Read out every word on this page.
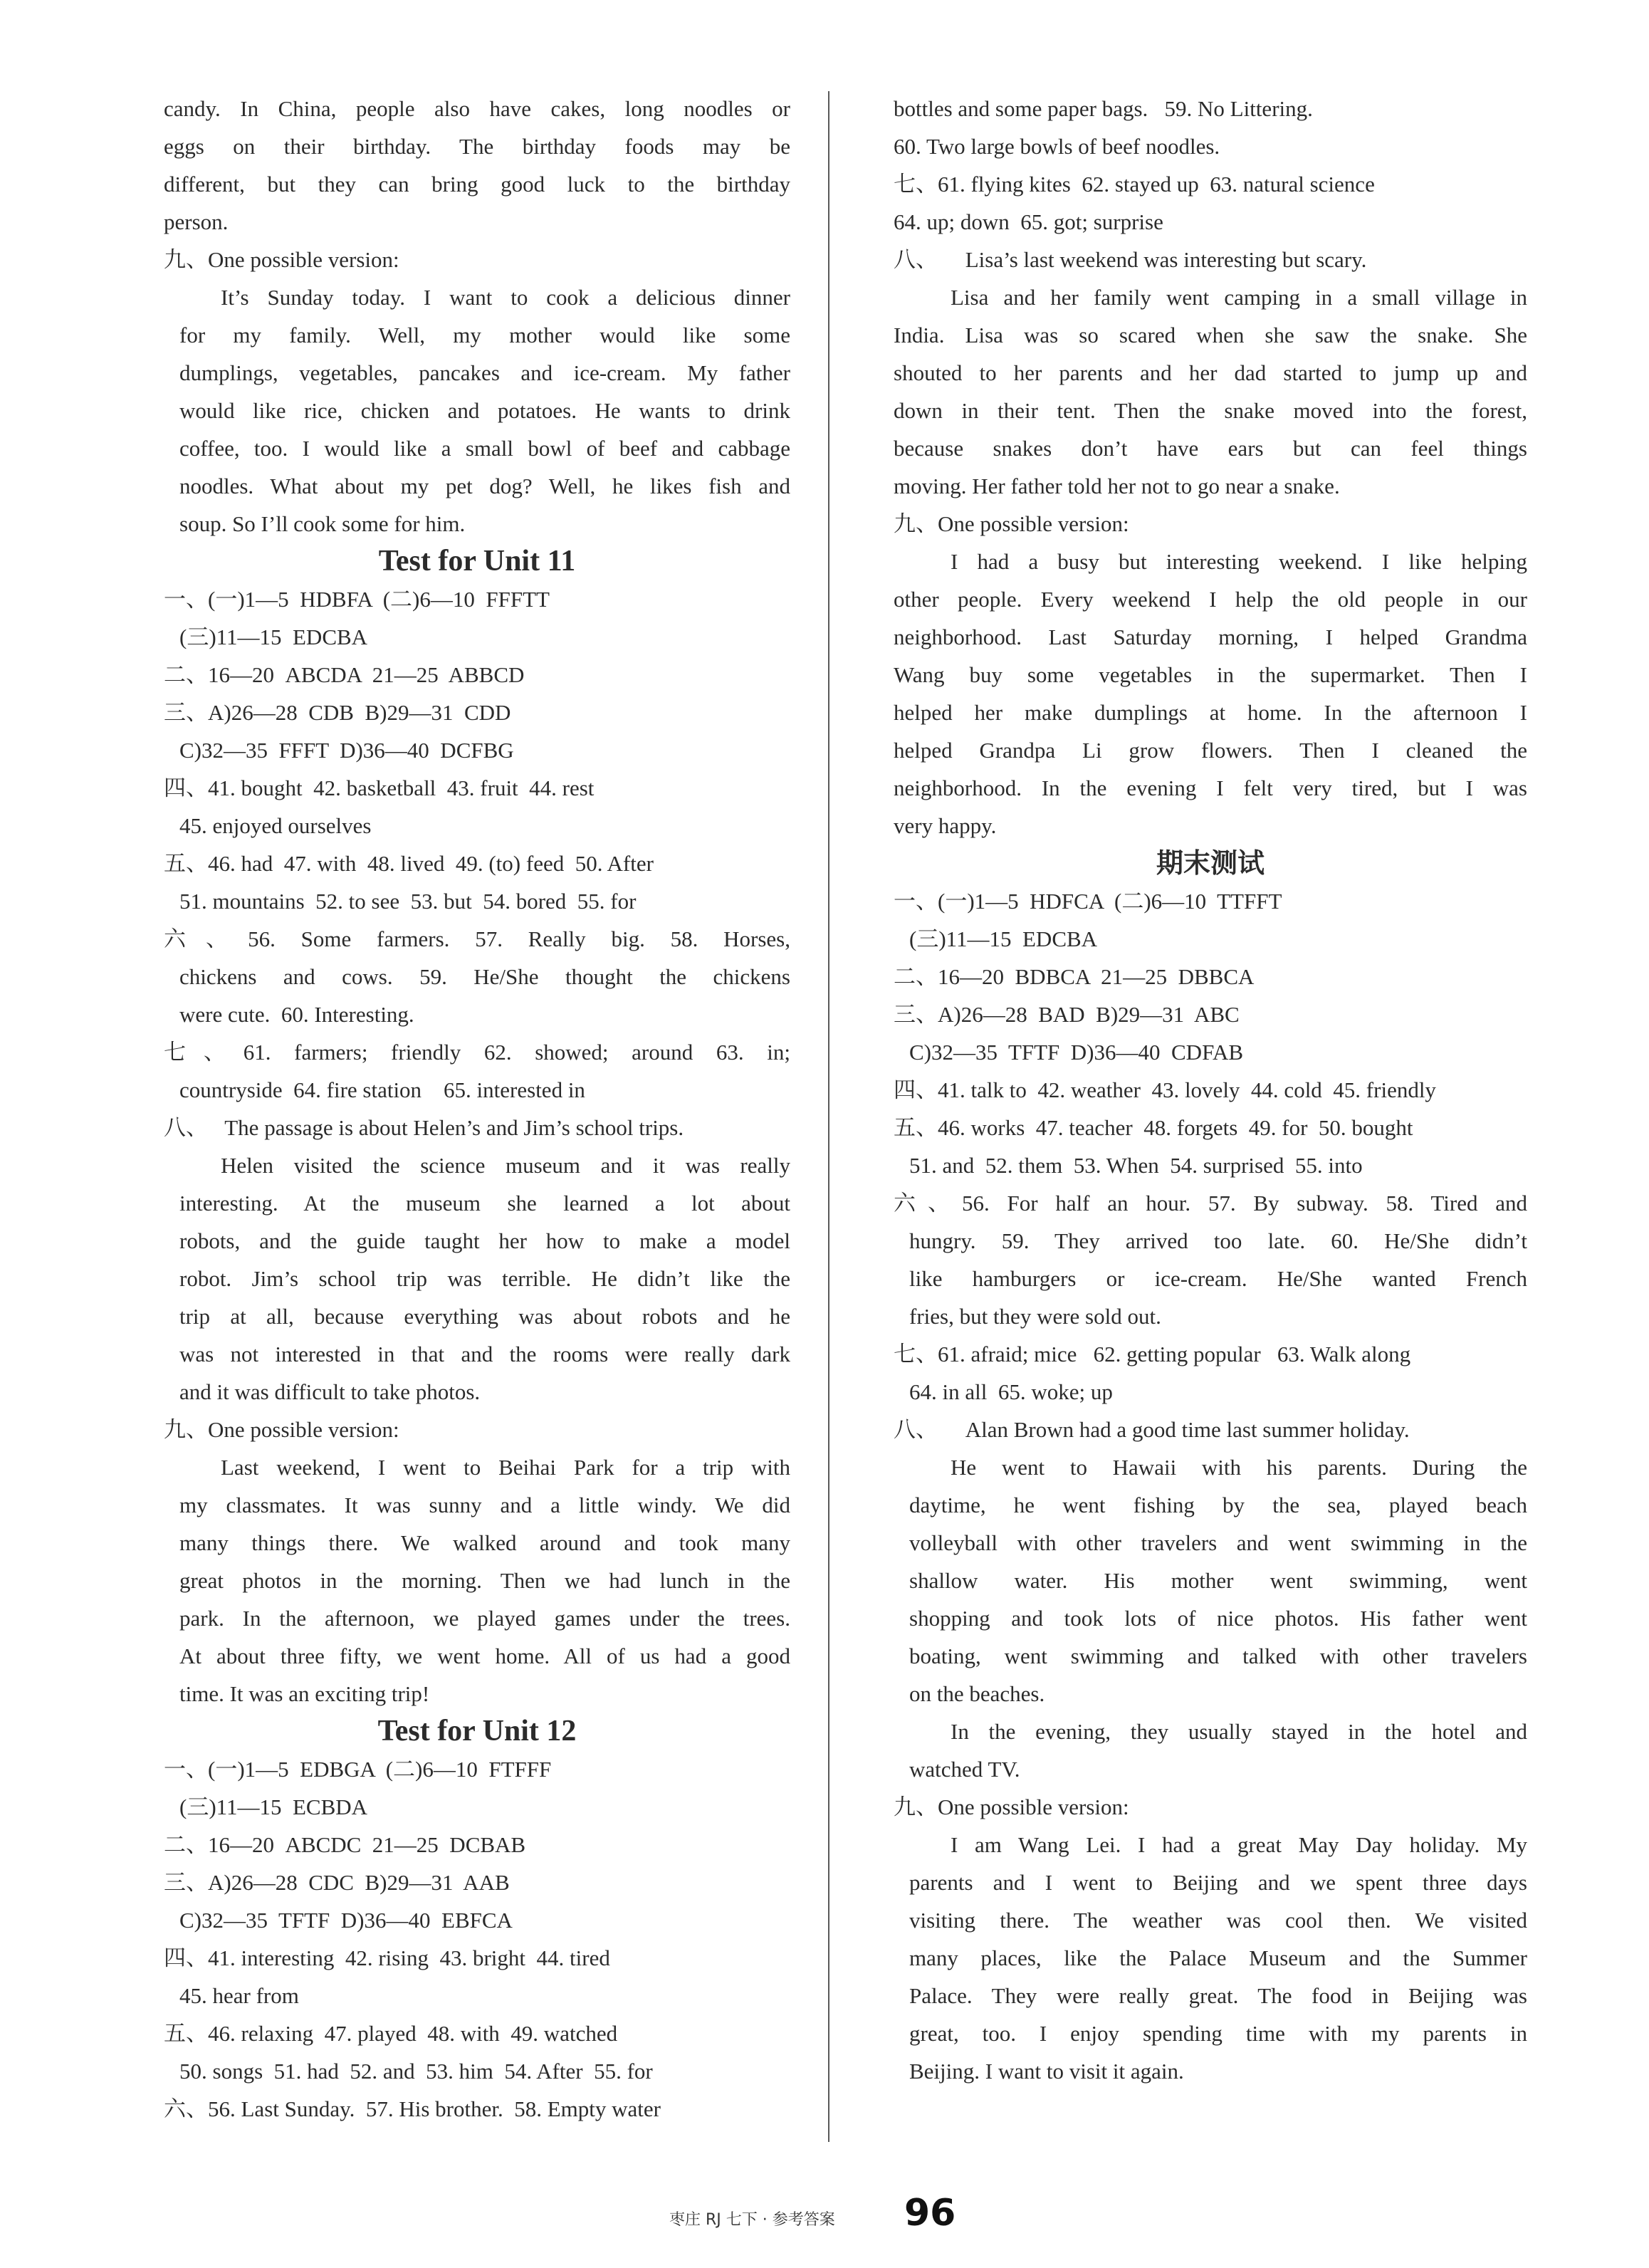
candy. In China, people also have cakes, long noodles or
eggs on their birthday. The birthday foods may be
different, but they can bring good luck to the birthday
person.
九、One possible version:
It’s Sunday today. I want to cook a delicious dinner
for my family. Well, my mother would like some
dumplings, vegetables, pancakes and ice-cream. My father
would like rice, chicken and potatoes. He wants to drink
coffee, too. I would like a small bowl of beef and cabbage
noodles. What about my pet dog? Well, he likes fish and
soup. So I’ll cook some for him.
Test for Unit 11
一、(一)1—5  HDBFA  (二)6—10  FFFTT
(三)11—15  EDCBA
二、16—20  ABCDA  21—25  ABBCD
三、A)26—28  CDB  B)29—31  CDD
C)32—35  FFFT  D)36—40  DCFBG
四、41. bought  42. basketball  43. fruit  44. rest
45. enjoyed ourselves
五、46. had  47. with  48. lived  49. (to) feed  50. After
51. mountains  52. to see  53. but  54. bored  55. for
六、56. Some farmers. 57. Really big. 58. Horses,
chickens and cows. 59. He/She thought the chickens
were cute.  60. Interesting.
七、61. farmers; friendly 62. showed; around 63. in;
countryside  64. fire station    65. interested in
八、   The passage is about Helen’s and Jim’s school trips.
Helen visited the science museum and it was really
interesting. At the museum she learned a lot about
robots, and the guide taught her how to make a model
robot. Jim’s school trip was terrible. He didn’t like the
trip at all, because everything was about robots and he
was not interested in that and the rooms were really dark
and it was difficult to take photos.
九、One possible version:
Last weekend, I went to Beihai Park for a trip with
my classmates. It was sunny and a little windy. We did
many things there. We walked around and took many
great photos in the morning. Then we had lunch in the
park. In the afternoon, we played games under the trees.
At about three fifty, we went home. All of us had a good
time. It was an exciting trip!
Test for Unit 12
一、(一)1—5  EDBGA  (二)6—10  FTFFF
(三)11—15  ECBDA
二、16—20  ABCDC  21—25  DCBAB
三、A)26—28  CDC  B)29—31  AAB
C)32—35  TFTF  D)36—40  EBFCA
四、41. interesting  42. rising  43. bright  44. tired
45. hear from
五、46. relaxing  47. played  48. with  49. watched
50. songs  51. had  52. and  53. him  54. After  55. for
六、56. Last Sunday.  57. His brother.  58. Empty water
bottles and some paper bags.   59. No Littering.
60. Two large bowls of beef noodles.
七、61. flying kites  62. stayed up  63. natural science
64. up; down  65. got; surprise
八、     Lisa’s last weekend was interesting but scary.
Lisa and her family went camping in a small village in
India. Lisa was so scared when she saw the snake. She
shouted to her parents and her dad started to jump up and
down in their tent. Then the snake moved into the forest,
because snakes don’t have ears but can feel things
moving. Her father told her not to go near a snake.
九、One possible version:
I had a busy but interesting weekend. I like helping
other people. Every weekend I help the old people in our
neighborhood. Last Saturday morning, I helped Grandma
Wang buy some vegetables in the supermarket. Then I
helped her make dumplings at home. In the afternoon I
helped Grandpa Li grow flowers. Then I cleaned the
neighborhood. In the evening I felt very tired, but I was
very happy.
期末测试
一、(一)1—5  HDFCA  (二)6—10  TTFFT
(三)11—15  EDCBA
二、16—20  BDBCA  21—25  DBBCA
三、A)26—28  BAD  B)29—31  ABC
C)32—35  TFTF  D)36—40  CDFAB
四、41. talk to  42. weather  43. lovely  44. cold  45. friendly
五、46. works  47. teacher  48. forgets  49. for  50. bought
51. and  52. them  53. When  54. surprised  55. into
六、56. For half an hour. 57. By subway. 58. Tired and
hungry. 59. They arrived too late. 60. He/She didn’t
like hamburgers or ice-cream. He/She wanted French
fries, but they were sold out.
七、61. afraid; mice   62. getting popular   63. Walk along
64. in all  65. woke; up
八、     Alan Brown had a good time last summer holiday.
He went to Hawaii with his parents. During the
daytime, he went fishing by the sea, played beach
volleyball with other travelers and went swimming in the
shallow water. His mother went swimming, went
shopping and took lots of nice photos. His father went
boating, went swimming and talked with other travelers
on the beaches.
In the evening, they usually stayed in the hotel and
watched TV.
九、One possible version:
I am Wang Lei. I had a great May Day holiday. My
parents and I went to Beijing and we spent three days
visiting there. The weather was cool then. We visited
many places, like the Palace Museum and the Summer
Palace. They were really great. The food in Beijing was
great, too. I enjoy spending time with my parents in
Beijing. I want to visit it again.
枣庄 RJ 七下 · 参考答案 96
